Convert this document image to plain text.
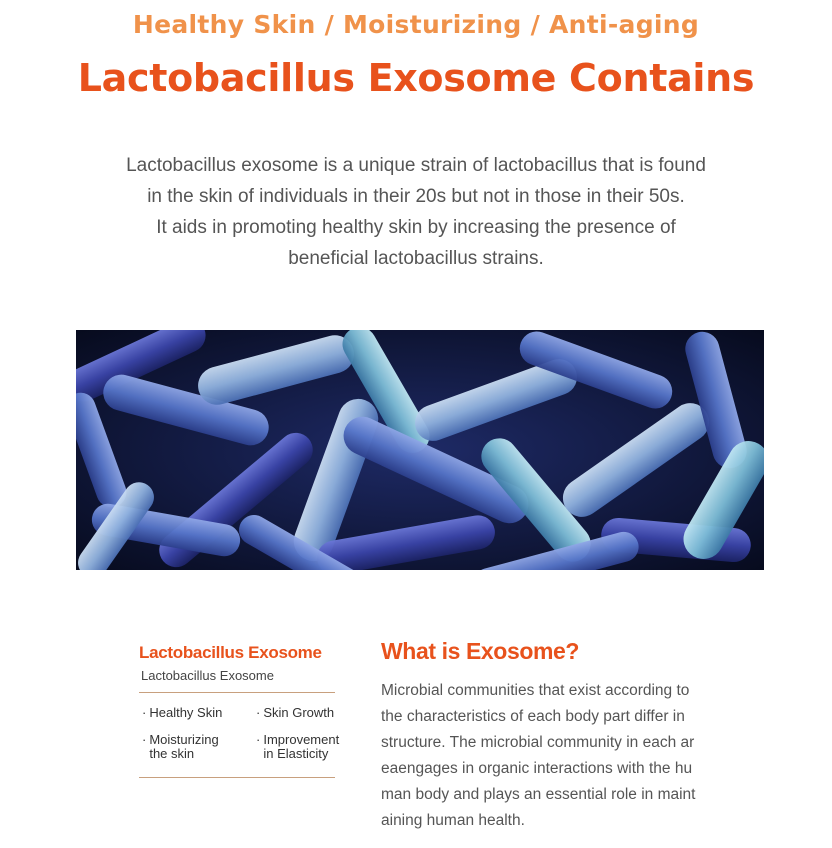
Healthy Skin / Moisturizing / Anti-aging
Lactobacillus Exosome Contains

Lactobacillus exosome is a unique strain of lactobacillus that is found

in the skin of individuals in their 20s but not in those in their 50s.

It aids in promoting healthy skin by increasing the presence of

beneficial lactobacillus strains.

Lactobacillus Exosome
Lactobacillus Exosome
· Healthy Skin	· Skin Growth
· Moisturizing the skin
· Improvement in Elasticity
What is Exosome?
Microbial communities that exist according to the characteristics of each body part differ in structure. The microbial community in each ar eaengages in organic interactions with the hu man body and plays an essential role in maint aining human health.
